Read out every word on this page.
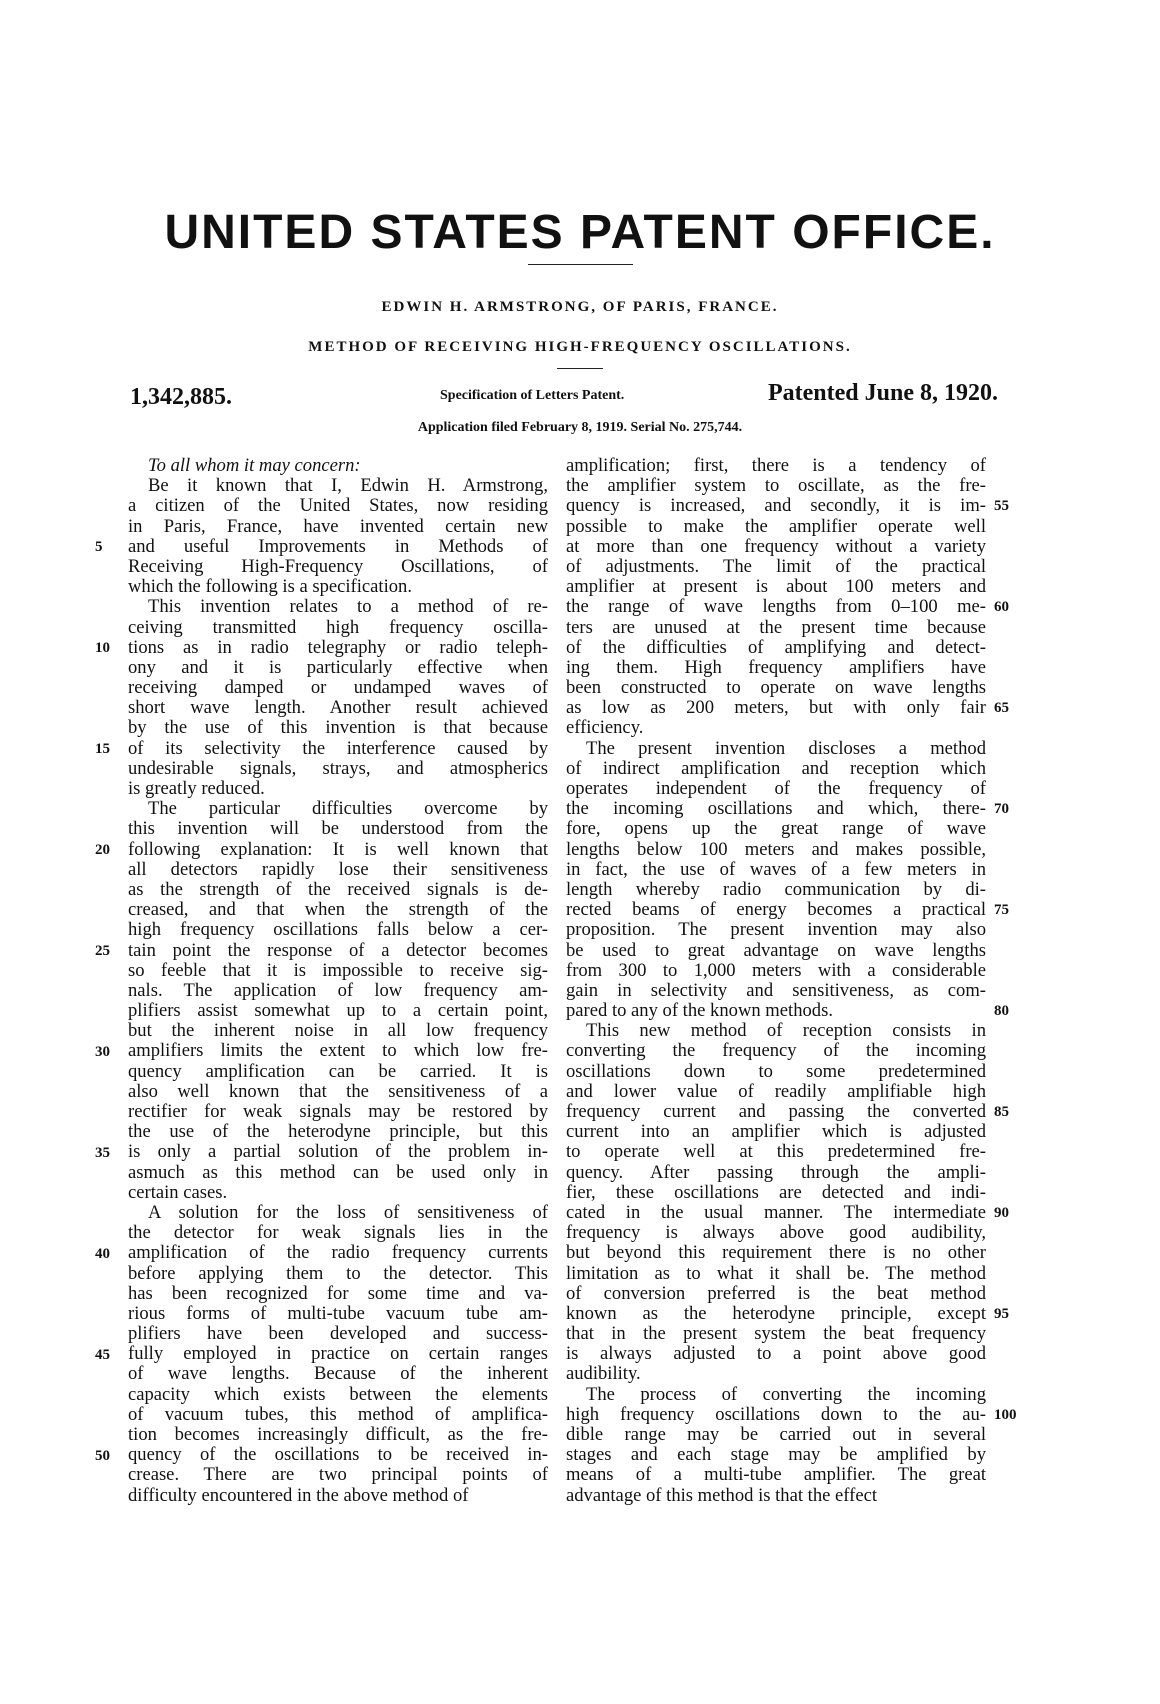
UNITED STATES PATENT OFFICE.
EDWIN H. ARMSTRONG, OF PARIS, FRANCE.
METHOD OF RECEIVING HIGH-FREQUENCY OSCILLATIONS.
1,342,885.	Specification of Letters Patent.	Patented June 8, 1920.
Application filed February 8, 1919. Serial No. 275,744.
To all whom it may concern:
Be it known that I, Edwin H. Armstrong,
a citizen of the United States, now residing
in Paris, France, have invented certain new
and useful Improvements in Methods of
Receiving High-Frequency Oscillations, of
which the following is a specification.
This invention relates to a method of re-
ceiving transmitted high frequency oscilla-
tions as in radio telegraphy or radio teleph-
ony and it is particularly effective when
receiving damped or undamped waves of
short wave length. Another result achieved
by the use of this invention is that because
of its selectivity the interference caused by
undesirable signals, strays, and atmospherics
is greatly reduced.
The particular difficulties overcome by
this invention will be understood from the
following explanation: It is well known that
all detectors rapidly lose their sensitiveness
as the strength of the received signals is de-
creased, and that when the strength of the
high frequency oscillations falls below a cer-
tain point the response of a detector becomes
so feeble that it is impossible to receive sig-
nals. The application of low frequency am-
plifiers assist somewhat up to a certain point,
but the inherent noise in all low frequency
amplifiers limits the extent to which low fre-
quency amplification can be carried. It is
also well known that the sensitiveness of a
rectifier for weak signals may be restored by
the use of the heterodyne principle, but this
is only a partial solution of the problem in-
asmuch as this method can be used only in
certain cases.
A solution for the loss of sensitiveness of
the detector for weak signals lies in the
amplification of the radio frequency currents
before applying them to the detector. This
has been recognized for some time and va-
rious forms of multi-tube vacuum tube am-
plifiers have been developed and success-
fully employed in practice on certain ranges
of wave lengths. Because of the inherent
capacity which exists between the elements
of vacuum tubes, this method of amplifica-
tion becomes increasingly difficult, as the fre-
quency of the oscillations to be received in-
crease. There are two principal points of
difficulty encountered in the above method of
amplification; first, there is a tendency of
the amplifier system to oscillate, as the fre-
quency is increased, and secondly, it is im-
possible to make the amplifier operate well
at more than one frequency without a variety
of adjustments. The limit of the practical
amplifier at present is about 100 meters and
the range of wave lengths from 0–100 me-
ters are unused at the present time because
of the difficulties of amplifying and detect-
ing them. High frequency amplifiers have
been constructed to operate on wave lengths
as low as 200 meters, but with only fair
efficiency.
The present invention discloses a method
of indirect amplification and reception which
operates independent of the frequency of
the incoming oscillations and which, there-
fore, opens up the great range of wave
lengths below 100 meters and makes possible,
in fact, the use of waves of a few meters in
length whereby radio communication by di-
rected beams of energy becomes a practical
proposition. The present invention may also
be used to great advantage on wave lengths
from 300 to 1,000 meters with a considerable
gain in selectivity and sensitiveness, as com-
pared to any of the known methods.
This new method of reception consists in
converting the frequency of the incoming
oscillations down to some predetermined
and lower value of readily amplifiable high
frequency current and passing the converted
current into an amplifier which is adjusted
to operate well at this predetermined fre-
quency. After passing through the ampli-
fier, these oscillations are detected and indi-
cated in the usual manner. The intermediate
frequency is always above good audibility,
but beyond this requirement there is no other
limitation as to what it shall be. The method
of conversion preferred is the beat method
known as the heterodyne principle, except
that in the present system the beat frequency
is always adjusted to a point above good
audibility.
The process of converting the incoming
high frequency oscillations down to the au-
dible range may be carried out in several
stages and each stage may be amplified by
means of a multi-tube amplifier. The great
advantage of this method is that the effect
5
10
15
20
25
30
35
40
45
50
55
60
65
70
75
80
85
90
95
100
